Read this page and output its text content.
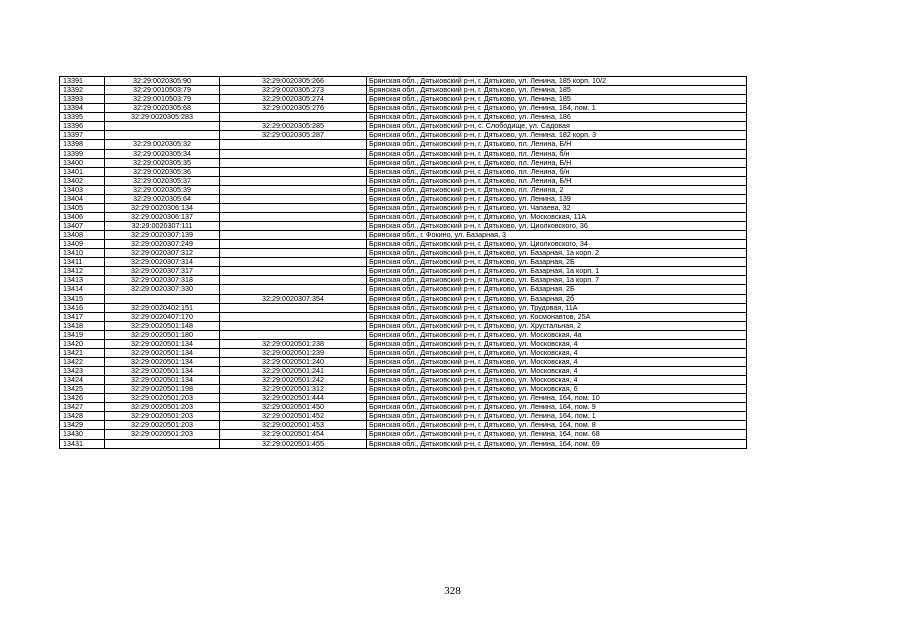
13391	32:29:0020305:90	32:29:0020305:266	Брянская обл., Дятьковский р-н, г. Дятьково, ул. Ленина, 185 корп. 10/2
13392	32:29:0010503:79	32:29:0020305:273	Брянская обл., Дятьковский р-н, г. Дятьково, ул. Ленина, 185
13393	32:29:0010503:79	32:29:0020305:274	Брянская обл., Дятьковский р-н, г. Дятьково, ул. Ленина, 185
13394	32:29:0020305:68	32:29:0020305:276	Брянская обл., Дятьковский р-н, г. Дятьково, ул. Ленина, 184, пом. 1
13395	32:29:0020305:283		Брянская обл., Дятьковский р-н, г. Дятьково, ул. Ленина, 186
13396		32:29:0020305:285	Брянская обл., Дятьковский р-н, с. Слободище, ул. Садовая
13397		32:29:0020305:287	Брянская обл., Дятьковский р-н, г. Дятьково, ул. Ленина, 182 корп. 3
13398	32:29:0020305:32		Брянская обл., Дятьковский р-н, г. Дятьково, пл. Ленина, Б/Н
13399	32:29:0020305:34		Брянская обл., Дятьковский р-н, г. Дятьково, пл. Ленина, б/н
13400	32:29:0020305:35		Брянская обл., Дятьковский р-н, г. Дятьково, пл. Ленина, Б/Н
13401	32:29:0020305:36		Брянская обл., Дятьковский р-н, г. Дятьково, пл. Ленина, б/н
13402	32:29:0020305:37		Брянская обл., Дятьковский р-н, г. Дятьково, пл. Ленина, Б/Н
13403	32:29:0020305:39		Брянская обл., Дятьковский р-н, г. Дятьково, пл. Ленина, 2
13404	32:29:0020305:64		Брянская обл., Дятьковский р-н, г. Дятьково, ул. Ленина, 139
13405	32:29:0020306:134		Брянская обл., Дятьковский р-н, г. Дятьково, ул. Чапаева, 32
13406	32:29:0020306:137		Брянская обл., Дятьковский р-н, г. Дятьково, ул. Московская, 11А
13407	32:29:0020307:111		Брянская обл., Дятьковский р-н, г. Дятьково, ул. Циолковского, 36
13408	32:29:0020307:139		Брянская обл., г. Фокино, ул. Базарная, 3
13409	32:29:0020307:249		Брянская обл., Дятьковский р-н, г. Дятьково, ул. Циолковского, 34
13410	32:29:0020307:312		Брянская обл., Дятьковский р-н, г. Дятьково, ул. Базарная, 1а корп. 2
13411	32:29:0020307:314		Брянская обл., Дятьковский р-н, г. Дятьково, ул. Базарная, 2Б
13412	32:29:0020307:317		Брянская обл., Дятьковский р-н, г. Дятьково, ул. Базарная, 1а корп. 1
13413	32:29:0020307:318		Брянская обл., Дятьковский р-н, г. Дятьково, ул. Базарная, 1а корп. 7
13414	32:29:0020307:330		Брянская обл., Дятьковский р-н, г. Дятьково, ул. Базарная, 2Б
13415		32:29:0020307:354	Брянская обл., Дятьковский р-н, г. Дятьково, ул. Базарная, 2б
13416	32:29:0020402:151		Брянская обл., Дятьковский р-н, г. Дятьково, ул. Трудовая, 11А
13417	32:29:0020407:170		Брянская обл., Дятьковский р-н, г. Дятьково, ул. Космонавтов, 25А
13418	32:29:0020501:148		Брянская обл., Дятьковский р-н, г. Дятьково, ул. Хрустальная, 2
13419	32:29:0020501:180		Брянская обл., Дятьковский р-н, г. Дятьково, ул. Московская, 4а
13420	32:29:0020501:134	32:29:0020501:238	Брянская обл., Дятьковский р-н, г. Дятьково, ул. Московская, 4
13421	32:29:0020501:134	32:29:0020501:239	Брянская обл., Дятьковский р-н, г. Дятьково, ул. Московская, 4
13422	32:29:0020501:134	32:29:0020501:240	Брянская обл., Дятьковский р-н, г. Дятьково, ул. Московская, 4
13423	32:29:0020501:134	32:29:0020501:241	Брянская обл., Дятьковский р-н, г. Дятьково, ул. Московская, 4
13424	32:29:0020501:134	32:29:0020501:242	Брянская обл., Дятьковский р-н, г. Дятьково, ул. Московская, 4
13425	32:29:0020501:198	32:29:0020501:312	Брянская обл., Дятьковский р-н, г. Дятьково, ул. Московская, 6
13426	32:29:0020501:203	32:29:0020501:444	Брянская обл., Дятьковский р-н, г. Дятьково, ул. Ленина, 164, пом. 10
13427	32:29:0020501:203	32:29:0020501:450	Брянская обл., Дятьковский р-н, г. Дятьково, ул. Ленина, 164, пом. 9
13428	32:29:0020501:203	32:29:0020501:452	Брянская обл., Дятьковский р-н, г. Дятьково, ул. Ленина, 164, пом. 1
13429	32:29:0020501:203	32:29:0020501:453	Брянская обл., Дятьковский р-н, г. Дятьково, ул. Ленина, 164, пом. 8
13430	32:29:0020501:203	32:29:0020501:454	Брянская обл., Дятьковский р-н, г. Дятьково, ул. Ленина, 164, пом. 68
13431		32:29:0020501:455	Брянская обл., Дятьковский р-н, г. Дятьково, ул. Ленина, 164, пом. 69
328
